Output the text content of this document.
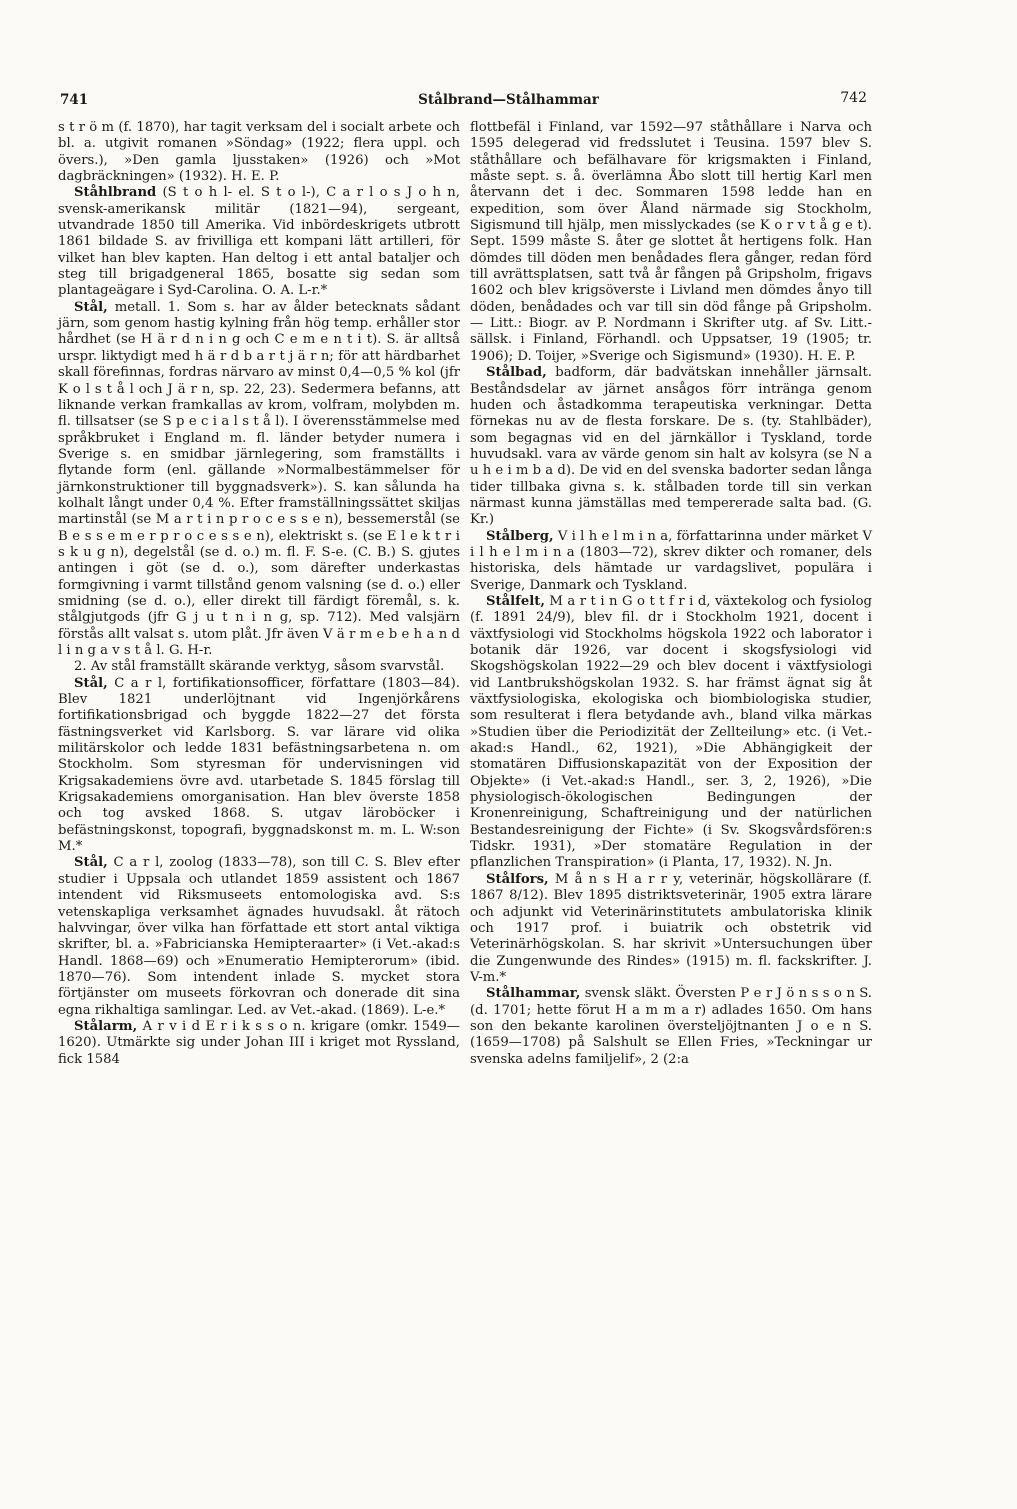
741	Stålbrand—Stålhammar	742

s t r ö m (f. 1870), har tagit verksam del i socialt arbete och bl. a. utgivit romanen »Söndag» (1922; flera uppl. och övers.), »Den gamla ljusstaken» (1926) och »Mot dagbräckningen» (1932). H. E. P.

Ståhlbrand (S t o h l- el. S t o l-), C a r l o s J o h n, svensk-amerikansk militär (1821—94), sergeant, utvandrade 1850 till Amerika. Vid inbördeskrigets utbrott 1861 bildade S. av frivilliga ett kompani lätt artilleri, för vilket han blev kapten. Han deltog i ett antal bataljer och steg till brigadgeneral 1865, bosatte sig sedan som plantageägare i Syd-Carolina. O. A. L-r.*

Stål, metall. 1. Som s. har av ålder betecknats sådant järn, som genom hastig kylning från hög temp. erhåller stor hårdhet (se H ä r d n i n g och C e m e n t i t). S. är alltså urspr. liktydigt med h ä r d b a r t j ä r n; för att härdbarhet skall förefinnas, fordras närvaro av minst 0,4—0,5 % kol (jfr K o l s t å l och J ä r n, sp. 22, 23). Sedermera befanns, att liknande verkan framkallas av krom, volfram, molybden m. fl. tillsatser (se S p e c i a l s t å l). I överensstämmelse med språkbruket i England m. fl. länder betyder numera i Sverige s. en smidbar järnlegering, som framställts i flytande form (enl. gällande »Normalbestämmelser för järnkonstruktioner till byggnadsverk»). S. kan sålunda ha kolhalt långt under 0,4 %. Efter framställningssättet skiljas martinstål (se M a r t i n p r o c e s s e n), bessemerstål (se B e s s e m e r p r o c e s s e n), elektriskt s. (se E l e k t r i s k u g n), degelstål (se d. o.) m. fl. F. S-e. (C. B.) S. gjutes antingen i göt (se d. o.), som därefter underkastas formgivning i varmt tillstånd genom valsning (se d. o.) eller smidning (se d. o.), eller direkt till färdigt föremål, s. k. stålgjutgods (jfr G j u t n i n g, sp. 712). Med valsjärn förstås allt valsat s. utom plåt. Jfr även V ä r m e b e h a n d l i n g a v s t å l. G. H-r.

2. Av stål framställt skärande verktyg, såsom svarvstål.

Stål, C a r l, fortifikationsofficer, författare (1803—84). Blev 1821 underlöjtnant vid Ingenjörkårens fortifikationsbrigad och byggde 1822—27 det första fästningsverket vid Karlsborg. S. var lärare vid olika militärskolor och ledde 1831 befästningsarbetena n. om Stockholm. Som styresman för undervisningen vid Krigsakademiens övre avd. utarbetade S. 1845 förslag till Krigsakademiens omorganisation. Han blev överste 1858 och tog avsked 1868. S. utgav läroböcker i befästningskonst, topografi, byggnadskonst m. m. L. W:son M.*

Stål, C a r l, zoolog (1833—78), son till C. S. Blev efter studier i Uppsala och utlandet 1859 assistent och 1867 intendent vid Riksmuseets entomologiska avd. S:s vetenskapliga verksamhet ägnades huvudsakl. åt rätoch halvvingar, över vilka han författade ett stort antal viktiga skrifter, bl. a. »Fabricianska Hemipteraarter» (i Vet.-akad:s Handl. 1868—69) och »Enumeratio Hemipterorum» (ibid. 1870—76). Som intendent inlade S. mycket stora förtjänster om museets förkovran och donerade dit sina egna rikhaltiga samlingar. Led. av Vet.-akad. (1869). L-e.*

Stålarm, A r v i d E r i k s s o n. krigare (omkr. 1549—1620). Utmärkte sig under Johan III i kriget mot Ryssland, fick 1584

flottbefäl i Finland, var 1592—97 ståthållare i Narva och 1595 delegerad vid fredsslutet i Teusina. 1597 blev S. ståthållare och befälhavare för krigsmakten i Finland, måste sept. s. å. överlämna Åbo slott till hertig Karl men återvann det i dec. Sommaren 1598 ledde han en expedition, som över Åland närmade sig Stockholm, Sigismund till hjälp, men misslyckades (se K o r v t å g e t). Sept. 1599 måste S. åter ge slottet åt hertigens folk. Han dömdes till döden men benådades flera gånger, redan förd till avrättsplatsen, satt två år fången på Gripsholm, frigavs 1602 och blev krigsöverste i Livland men dömdes ånyo till döden, benådades och var till sin död fånge på Gripsholm. — Litt.: Biogr. av P. Nordmann i Skrifter utg. af Sv. Litt.-sällsk. i Finland, Förhandl. och Uppsatser, 19 (1905; tr. 1906); D. Toijer, »Sverige och Sigismund» (1930). H. E. P.

Stålbad, badform, där badvätskan innehåller järnsalt. Beståndsdelar av järnet ansågos förr inträngа genom huden och åstadkomma terapeutiska verkningar. Detta förnekas nu av de flesta forskare. De s. (ty. Stahlbäder), som begagnas vid en del järnkällor i Tyskland, torde huvudsakl. vara av värde genom sin halt av kolsyra (se N a u h e i m b a d). De vid en del svenska badorter sedan långa tider tillbaka givna s. k. stålbaden torde till sin verkan närmast kunna jämställas med tempererade salta bad. (G. Kr.)

Stålberg, V i l h e l m i n a, författarinna under märket V i l h e l m i n a (1803—72), skrev dikter och romaner, dels historiska, dels hämtade ur vardagslivet, populära i Sverige, Danmark och Tyskland.

Stålfelt, M a r t i n G o t t f r i d, växtekolog och fysiolog (f. 1891 24/9), blev fil. dr i Stockholm 1921, docent i växtfysiologi vid Stockholms högskola 1922 och laborator i botanik där 1926, var docent i skogsfysiologi vid Skogshögskolan 1922—29 och blev docent i växtfysiologi vid Lantbrukshögskolan 1932. S. har främst ägnat sig åt växtfysiologiska, ekologiska och biombiologiska studier, som resulterat i flera betydande avh., bland vilka märkas »Studien über die Periodizität der Zellteilung» etc. (i Vet.-akad:s Handl., 62, 1921), »Die Abhängigkeit der stomatären Diffusionskapazität von der Exposition der Objekte» (i Vet.-akad:s Handl., ser. 3, 2, 1926), »Die physiologisch-ökologischen Bedingungen der Kronenreinigung, Schaftreinigung und der natürlichen Bestandesreinigung der Fichte» (i Sv. Skogsvårdsfören:s Tidskr. 1931), »Der stomatäre Regulation in der pflanzlichen Transpiration» (i Planta, 17, 1932). N. Jn.

Stålfors, M å n s H a r r y, veterinär, högskollärare (f. 1867 8/12). Blev 1895 distriktsveterinär, 1905 extra lärare och adjunkt vid Veterinärinstitutets ambulatoriska klinik och 1917 prof. i buiatrik och obstetrik vid Veterinärhögskolan. S. har skrivit »Untersuchungen über die Zungenwunde des Rindes» (1915) m. fl. fackskrifter. J. V-m.*

Stålhammar, svensk släkt. Översten P e r J ö n s s o n S. (d. 1701; hette förut H a m m a r) adlades 1650. Om hans son den bekante karolinen översteljöjtnanten J o e n S. (1659—1708) på Salshult se Ellen Fries, »Teckningar ur svenska adelns familjelif», 2 (2:a
